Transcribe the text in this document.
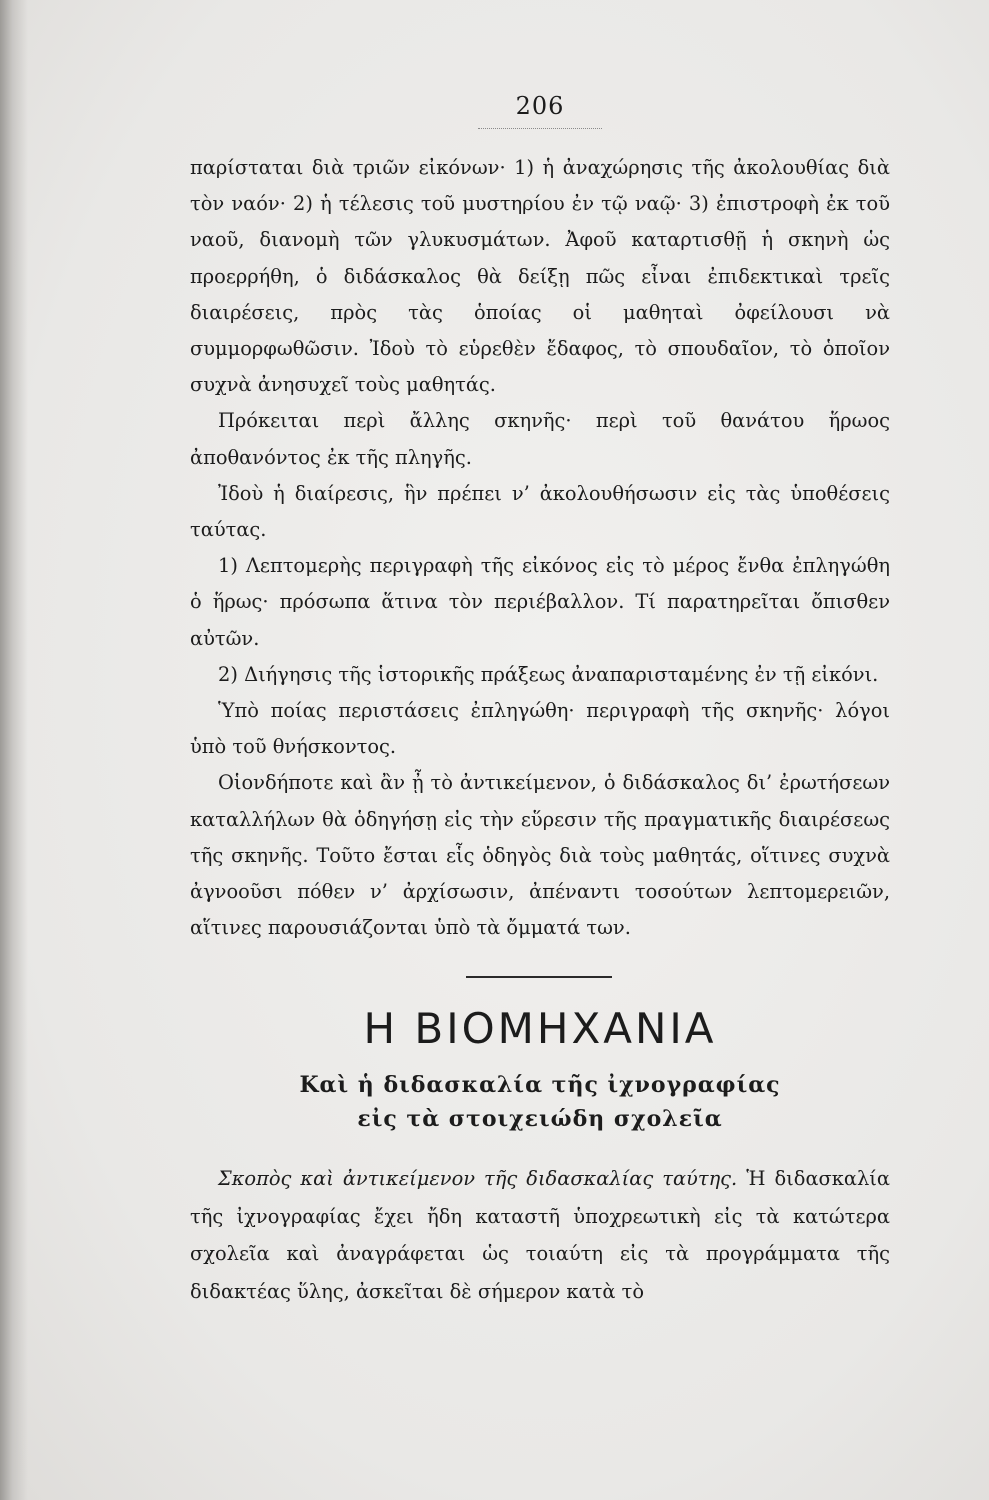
206

παρίσταται διὰ τριῶν εἰκόνων· 1) ἡ ἀναχώρησις τῆς ἀκολουθίας διὰ τὸν ναόν· 2) ἡ τέλεσις τοῦ μυστηρίου ἐν τῷ ναῷ· 3) ἐπιστροφὴ ἐκ τοῦ ναοῦ, διανομὴ τῶν γλυκυσμάτων. Ἀφοῦ καταρτισθῇ ἡ σκηνὴ ὡς προερρήθη, ὁ διδάσκαλος θὰ δείξῃ πῶς εἶναι ἐπιδεκτικαὶ τρεῖς διαιρέσεις, πρὸς τὰς ὁποίας οἱ μαθηταὶ ὀφείλουσι νὰ συμμορφωθῶσιν. Ἰδοὺ τὸ εὑρεθὲν ἔδαφος, τὸ σπουδαῖον, τὸ ὁποῖον συχνὰ ἀνησυχεῖ τοὺς μαθητάς.

Πρόκειται περὶ ἄλλης σκηνῆς· περὶ τοῦ θανάτου ἥρωος ἀποθανόντος ἐκ τῆς πληγῆς.

Ἰδοὺ ἡ διαίρεσις, ἣν πρέπει ν’ ἀκολουθήσωσιν εἰς τὰς ὑποθέσεις ταύτας.

1) Λεπτομερὴς περιγραφὴ τῆς εἰκόνος εἰς τὸ μέρος ἔνθα ἐπληγώθη ὁ ἥρως· πρόσωπα ἅτινα τὸν περιέβαλλον. Τί παρατηρεῖται ὄπισθεν αὐτῶν.

2) Διήγησις τῆς ἱστορικῆς πράξεως ἀναπαρισταμένης ἐν τῇ εἰκόνι.

Ὑπὸ ποίας περιστάσεις ἐπληγώθη· περιγραφὴ τῆς σκηνῆς· λόγοι ὑπὸ τοῦ θνήσκοντος.

Οἱονδήποτε καὶ ἂν ᾖ τὸ ἀντικείμενον, ὁ διδάσκαλος δι’ ἐρωτήσεων καταλλήλων θὰ ὁδηγήσῃ εἰς τὴν εὕρεσιν τῆς πραγματικῆς διαιρέσεως τῆς σκηνῆς. Τοῦτο ἔσται εἷς ὁδηγὸς διὰ τοὺς μαθητάς, οἵτινες συχνὰ ἀγνοοῦσι πόθεν ν’ ἀρχίσωσιν, ἀπέναντι τοσούτων λεπτομερειῶν, αἵτινες παρουσιάζονται ὑπὸ τὰ ὄμματά των.

Η ΒΙΟΜΗΧΑΝΙΑ
Καὶ ἡ διδασκαλία τῆς ἰχνογραφίας
εἰς τὰ στοιχειώδη σχολεῖα

Σκοπὸς καὶ ἀντικείμενον τῆς διδασκαλίας ταύτης. Ἡ διδασκαλία τῆς ἰχνογραφίας ἔχει ἤδη καταστῆ ὑποχρεωτικὴ εἰς τὰ κατώτερα σχολεῖα καὶ ἀναγράφεται ὡς τοιαύτη εἰς τὰ προγράμματα τῆς διδακτέας ὕλης, ἀσκεῖται δὲ σήμερον κατὰ τὸ
